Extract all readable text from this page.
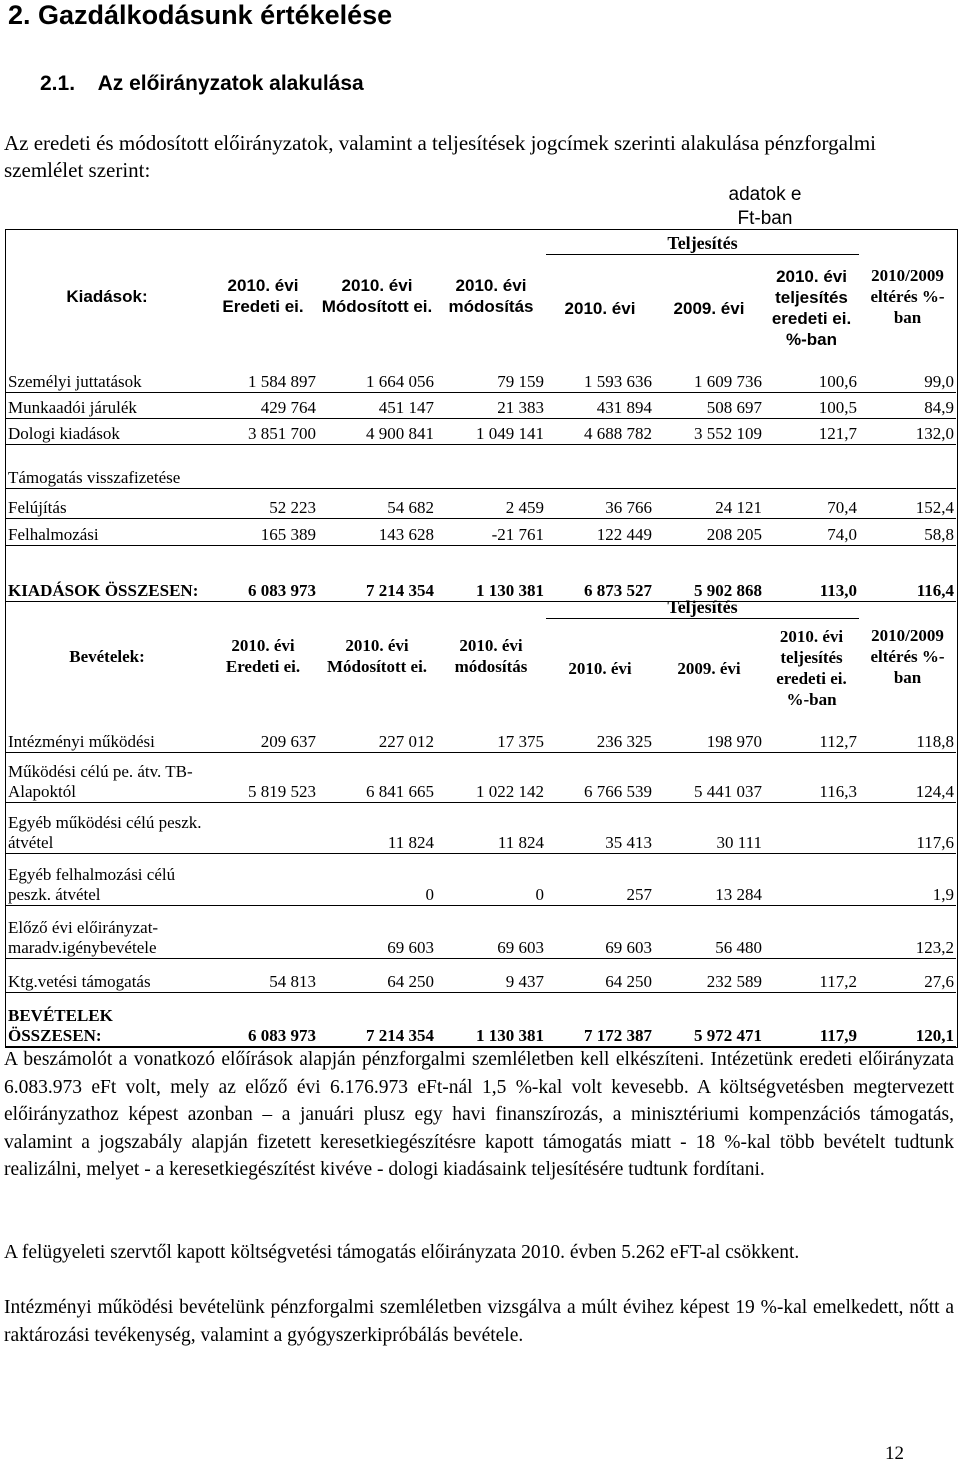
2. Gazdálkodásunk értékelése
2.1.    Az előirányzatok alakulása
Az eredeti és módosított előirányzatok, valamint a teljesítések jogcímek szerinti alakulása pénzforgalmi szemlélet szerint:
adatok e
Ft-ban
Kiadások:	2010. évi Eredeti ei.	2010. évi Módosított ei.	2010. évi módosítás	Teljesítés			2010/2009 eltérés %-ban
				2010. évi	2009. évi	2010. évi teljesítés eredeti ei. %-ban	
Személyi juttatások	1 584 897	1 664 056	79 159	1 593 636	1 609 736	100,6	99,0
Munkaadói járulék	429 764	451 147	21 383	431 894	508 697	100,5	84,9
Dologi kiadások	3 851 700	4 900 841	1 049 141	4 688 782	3 552 109	121,7	132,0
Támogatás visszafizetése							
Felújítás	52 223	54 682	2 459	36 766	24 121	70,4	152,4
Felhalmozási	165 389	143 628	-21 761	122 449	208 205	74,0	58,8
KIADÁSOK ÖSSZESEN:	6 083 973	7 214 354	1 130 381	6 873 527	5 902 868	113,0	116,4
Bevételek:	2010. évi Eredeti ei.	2010. évi Módosított ei.	2010. évi módosítás	Teljesítés			2010/2009 eltérés %-ban
				2010. évi	2009. évi	2010. évi teljesítés eredeti ei. %-ban	
Intézményi működési	209 637	227 012	17 375	236 325	198 970	112,7	118,8
Működési célú pe. átv. TB-Alapoktól	5 819 523	6 841 665	1 022 142	6 766 539	5 441 037	116,3	124,4
Egyéb működési célú peszk. átvétel		11 824	11 824	35 413	30 111		117,6
Egyéb felhalmozási célú peszk. átvétel		0	0	257	13 284		1,9
Előző évi előirányzat-maradv.igénybevétele		69 603	69 603	69 603	56 480		123,2
Ktg.vetési támogatás	54 813	64 250	9 437	64 250	232 589	117,2	27,6
BEVÉTELEK ÖSSZESEN:	6 083 973	7 214 354	1 130 381	7 172 387	5 972 471	117,9	120,1
A beszámolót a vonatkozó előírások alapján pénzforgalmi szemléletben kell elkészíteni. Intézetünk eredeti előirányzata 6.083.973 eFt volt, mely az előző évi 6.176.973 eFt-nál 1,5 %-kal volt kevesebb. A költségvetésben megtervezett előirányzathoz képest azonban – a januári plusz egy havi finanszírozás, a minisztériumi kompenzációs támogatás, valamint a jogszabály alapján fizetett keresetkiegészítésre kapott támogatás miatt - 18 %-kal több bevételt tudtunk realizálni, melyet - a keresetkiegészítést kivéve - dologi kiadásaink teljesítésére tudtunk fordítani.
A felügyeleti szervtől kapott költségvetési támogatás előirányzata 2010. évben 5.262 eFT-al csökkent.
Intézményi működési bevételünk pénzforgalmi szemléletben vizsgálva a múlt évihez képest 19 %-kal emelkedett, nőtt a raktározási tevékenység, valamint a gyógyszerkipróbálás bevétele.
12
